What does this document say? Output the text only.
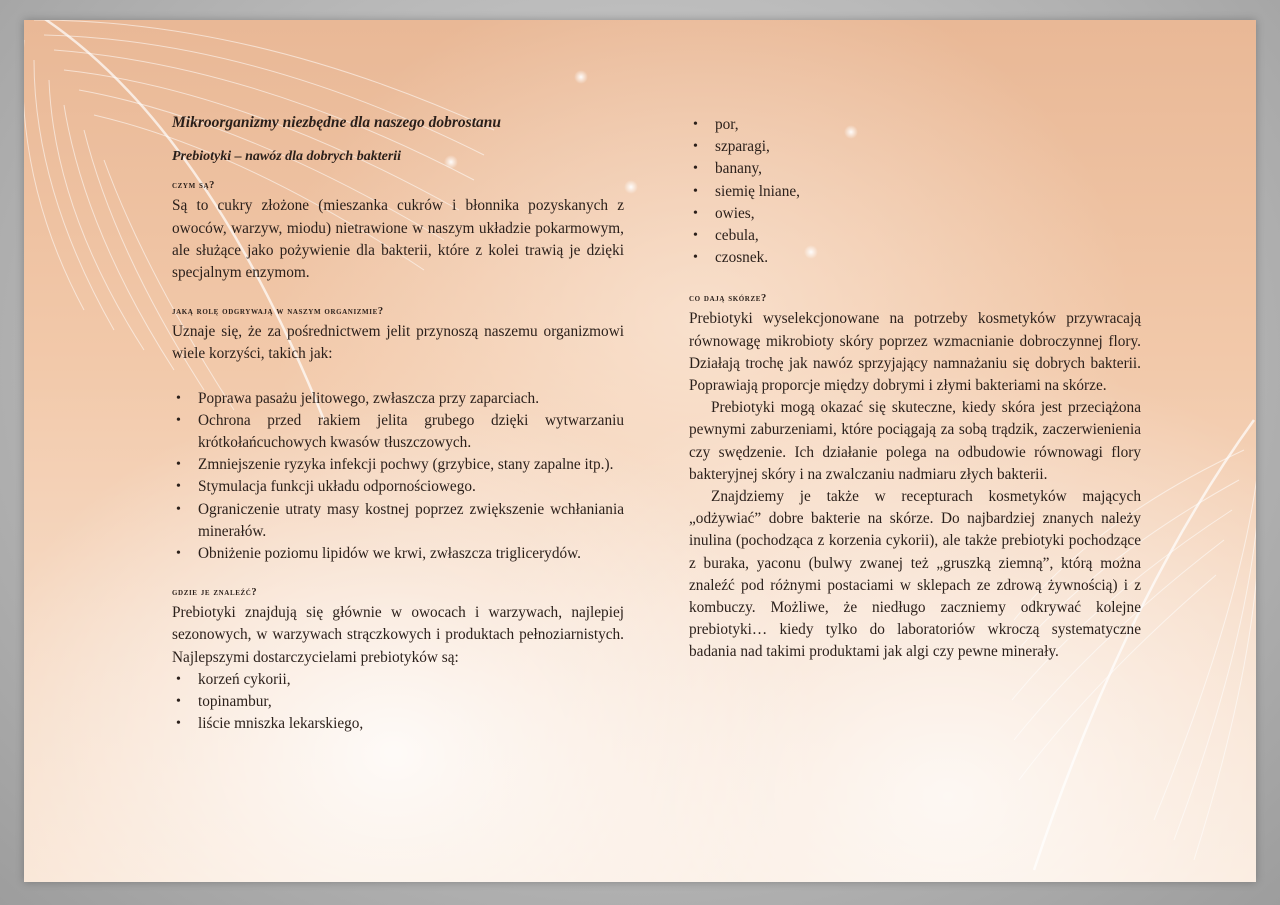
Mikroorganizmy niezbędne dla naszego dobrostanu
Prebiotyki – nawóz dla dobrych bakterii
czym są?

Są to cukry złożone (mieszanka cukrów i błonnika pozyskanych z owoców, warzyw, miodu) nietrawione w naszym układzie pokarmowym, ale służące jako pożywienie dla bakterii, które z kolei trawią je dzięki specjalnym enzymom.

jaką rolę odgrywają w naszym organizmie?

Uznaje się, że za pośrednictwem jelit przynoszą naszemu organizmowi wiele korzyści, takich jak:

• Poprawa pasażu jelitowego, zwłaszcza przy zaparciach.
• Ochrona przed rakiem jelita grubego dzięki wytwarzaniu krótkołańcuchowych kwasów tłuszczowych.
• Zmniejszenie ryzyka infekcji pochwy (grzybice, stany zapalne itp.).
• Stymulacja funkcji układu odpornościowego.
• Ograniczenie utraty masy kostnej poprzez zwiększenie wchłaniania minerałów.
• Obniżenie poziomu lipidów we krwi, zwłaszcza triglicerydów.
gdzie je znaleźć?

Prebiotyki znajdują się głównie w owocach i warzywach, najlepiej sezonowych, w warzywach strączkowych i produktach pełnoziarnistych. Najlepszymi dostarczycielami prebiotyków są:

• korzeń cykorii,
• topinambur,
• liście mniszka lekarskiego,
• por,
• szparagi,
• banany,
• siemię lniane,
• owies,
• cebula,
• czosnek.
co dają skórze?

Prebiotyki wyselekcjonowane na potrzeby kosmetyków przywracają równowagę mikrobioty skóry poprzez wzmacnianie dobroczynnej flory. Działają trochę jak nawóz sprzyjający namnażaniu się dobrych bakterii. Poprawiają proporcje między dobrymi i złymi bakteriami na skórze.

Prebiotyki mogą okazać się skuteczne, kiedy skóra jest przeciążona pewnymi zaburzeniami, które pociągają za sobą trądzik, zaczerwienienia czy swędzenie. Ich działanie polega na odbudowie równowagi flory bakteryjnej skóry i na zwalczaniu nadmiaru złych bakterii.

Znajdziemy je także w recepturach kosmetyków mających „odżywiać” dobre bakterie na skórze. Do najbardziej znanych należy inulina (pochodząca z korzenia cykorii), ale także prebiotyki pochodzące z buraka, yaconu (bulwy zwanej też „gruszką ziemną”, którą można znaleźć pod różnymi postaciami w sklepach ze zdrową żywnością) i z kombuczy. Możliwe, że niedługo zaczniemy odkrywać kolejne prebiotyki… kiedy tylko do laboratoriów wkroczą systematyczne badania nad takimi produktami jak algi czy pewne minerały.
